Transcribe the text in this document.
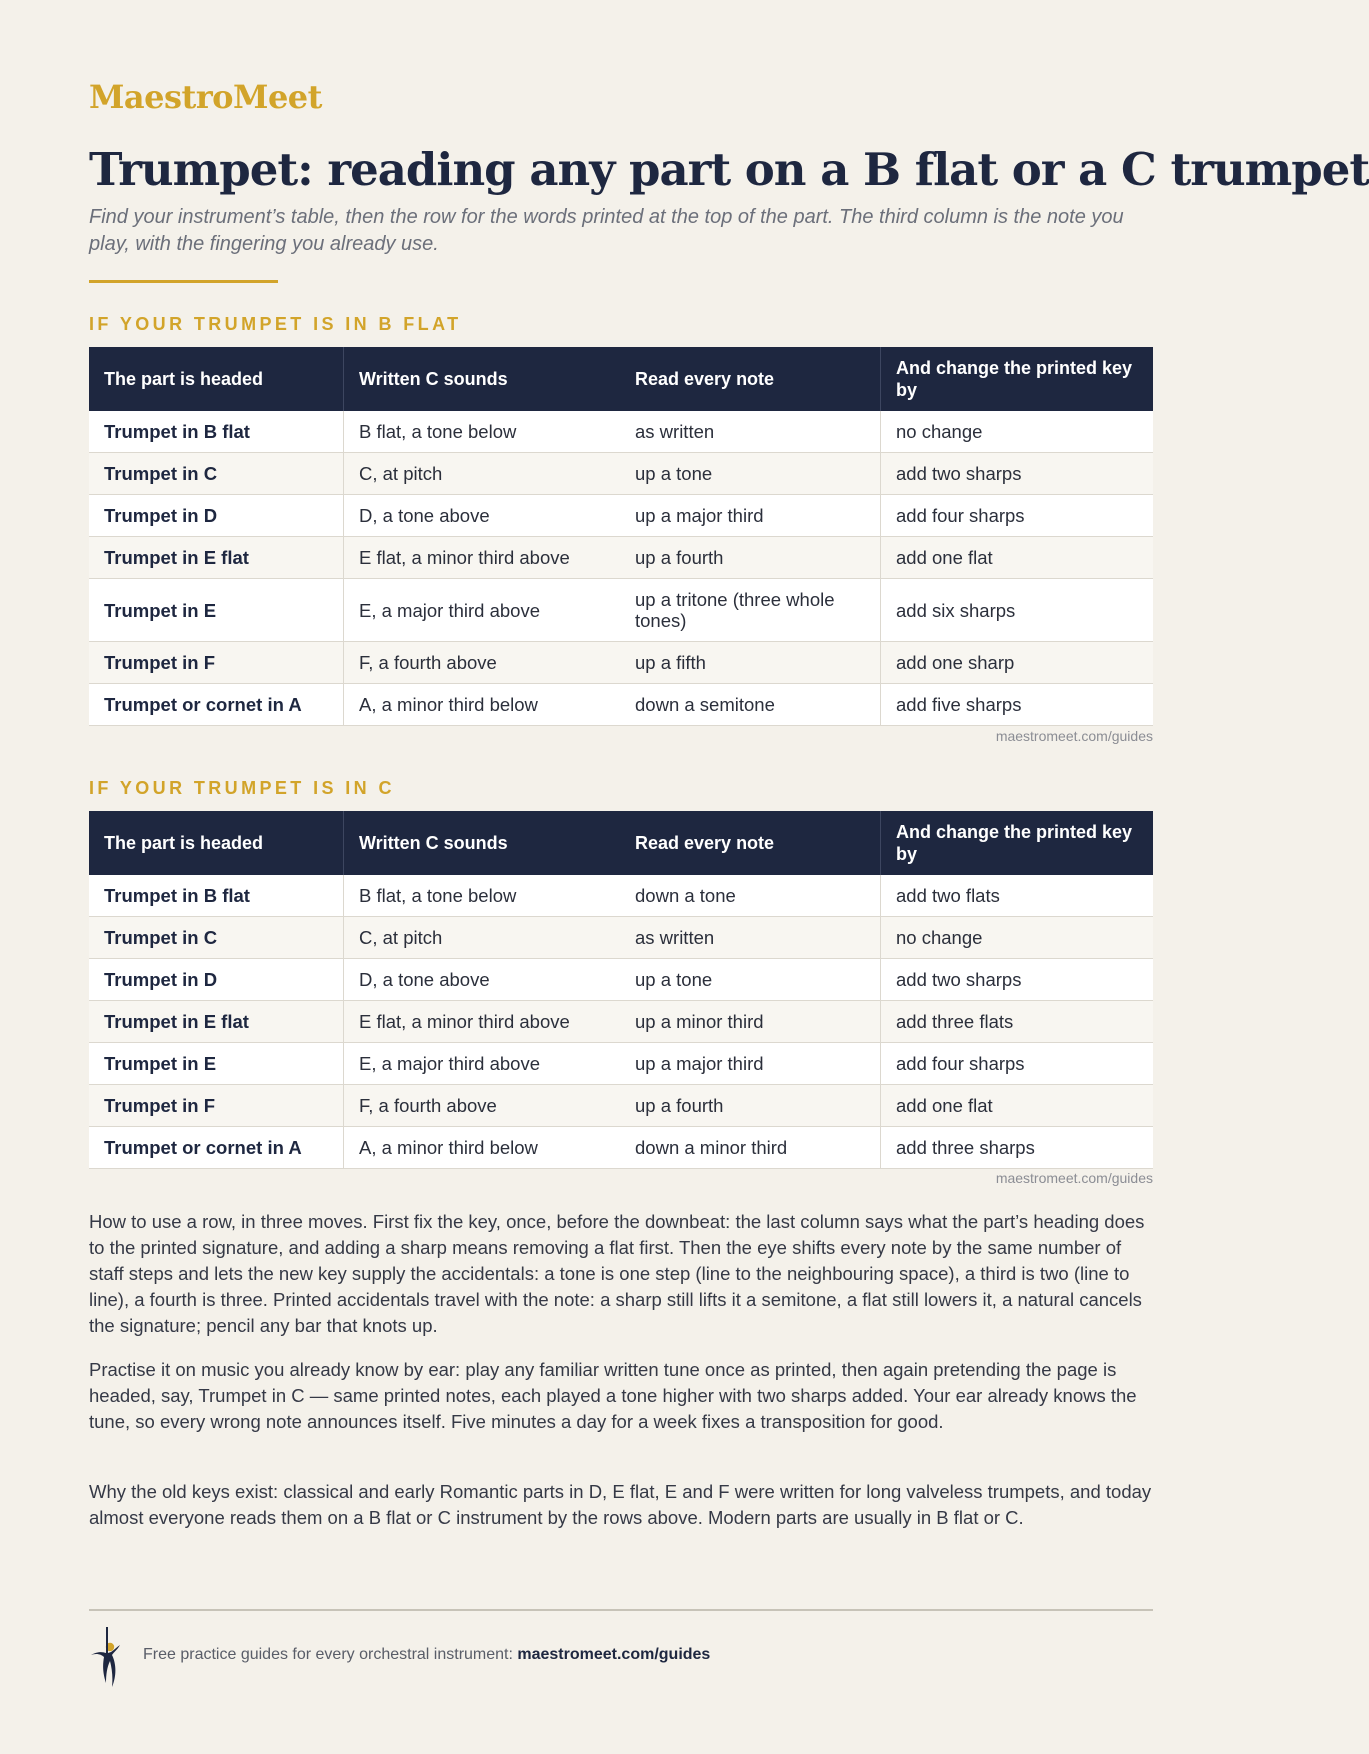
MaestroMeet
Trumpet: reading any part on a B flat or a C trumpet

Find your instrument’s table, then the row for the words printed at the top of the part. The third column is the note you play, with the fingering you already use.

IF YOUR TRUMPET IS IN B FLAT
The part is headed	Written C sounds	Read every note	And change the printed key by
Trumpet in B flat	B flat, a tone below	as written	no change
Trumpet in C	C, at pitch	up a tone	add two sharps
Trumpet in D	D, a tone above	up a major third	add four sharps
Trumpet in E flat	E flat, a minor third above	up a fourth	add one flat
Trumpet in E	E, a major third above	up a tritone (three whole tones)	add six sharps
Trumpet in F	F, a fourth above	up a fifth	add one sharp
Trumpet or cornet in A	A, a minor third below	down a semitone	add five sharps
maestromeet.com/guides
IF YOUR TRUMPET IS IN C
The part is headed	Written C sounds	Read every note	And change the printed key by
Trumpet in B flat	B flat, a tone below	down a tone	add two flats
Trumpet in C	C, at pitch	as written	no change
Trumpet in D	D, a tone above	up a tone	add two sharps
Trumpet in E flat	E flat, a minor third above	up a minor third	add three flats
Trumpet in E	E, a major third above	up a major third	add four sharps
Trumpet in F	F, a fourth above	up a fourth	add one flat
Trumpet or cornet in A	A, a minor third below	down a minor third	add three sharps
maestromeet.com/guides

How to use a row, in three moves. First fix the key, once, before the downbeat: the last column says what the part’s heading does to the printed signature, and adding a sharp means removing a flat first. Then the eye shifts every note by the same number of staff steps and lets the new key supply the accidentals: a tone is one step (line to the neighbouring space), a third is two (line to line), a fourth is three. Printed accidentals travel with the note: a sharp still lifts it a semitone, a flat still lowers it, a natural cancels the signature; pencil any bar that knots up.

Practise it on music you already know by ear: play any familiar written tune once as printed, then again pretending the page is headed, say, Trumpet in C — same printed notes, each played a tone higher with two sharps added. Your ear already knows the tune, so every wrong note announces itself. Five minutes a day for a week fixes a transposition for good.

Why the old keys exist: classical and early Romantic parts in D, E flat, E and F were written for long valveless trumpets, and today almost everyone reads them on a B flat or C instrument by the rows above. Modern parts are usually in B flat or C.

Free practice guides for every orchestral instrument: maestromeet.com/guides
